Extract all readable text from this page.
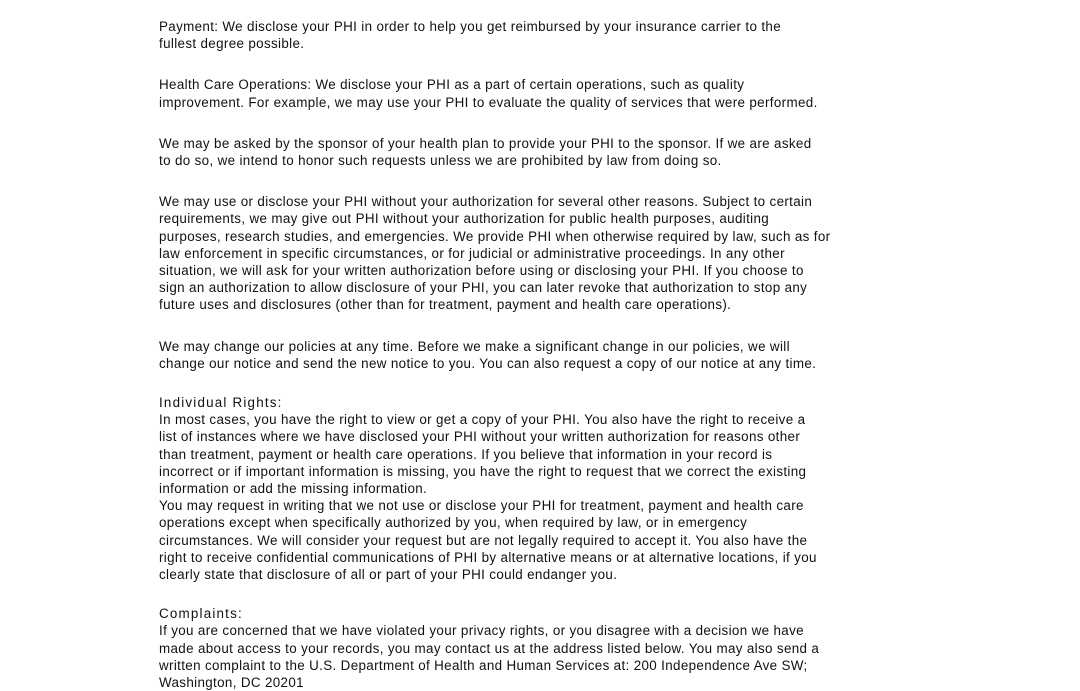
Payment: We disclose your PHI in order to help you get reimbursed by your insurance carrier to the
fullest degree possible.

Health Care Operations: We disclose your PHI as a part of certain operations, such as quality
improvement. For example, we may use your PHI to evaluate the quality of services that were performed.

We may be asked by the sponsor of your health plan to provide your PHI to the sponsor. If we are asked
to do so, we intend to honor such requests unless we are prohibited by law from doing so.

We may use or disclose your PHI without your authorization for several other reasons. Subject to certain
requirements, we may give out PHI without your authorization for public health purposes, auditing
purposes, research studies, and emergencies. We provide PHI when otherwise required by law, such as for
law enforcement in specific circumstances, or for judicial or administrative proceedings. In any other
situation, we will ask for your written authorization before using or disclosing your PHI. If you choose to
sign an authorization to allow disclosure of your PHI, you can later revoke that authorization to stop any
future uses and disclosures (other than for treatment, payment and health care operations).

We may change our policies at any time. Before we make a significant change in our policies, we will
change our notice and send the new notice to you. You can also request a copy of our notice at any time.

Individual Rights:
In most cases, you have the right to view or get a copy of your PHI. You also have the right to receive a
list of instances where we have disclosed your PHI without your written authorization for reasons other
than treatment, payment or health care operations. If you believe that information in your record is
incorrect or if important information is missing, you have the right to request that we correct the existing
information or add the missing information.
You may request in writing that we not use or disclose your PHI for treatment, payment and health care
operations except when specifically authorized by you, when required by law, or in emergency
circumstances. We will consider your request but are not legally required to accept it. You also have the
right to receive confidential communications of PHI by alternative means or at alternative locations, if you
clearly state that disclosure of all or part of your PHI could endanger you.

Complaints:
If you are concerned that we have violated your privacy rights, or you disagree with a decision we have
made about access to your records, you may contact us at the address listed below. You may also send a
written complaint to the U.S. Department of Health and Human Services at: 200 Independence Ave SW;
Washington, DC 20201
